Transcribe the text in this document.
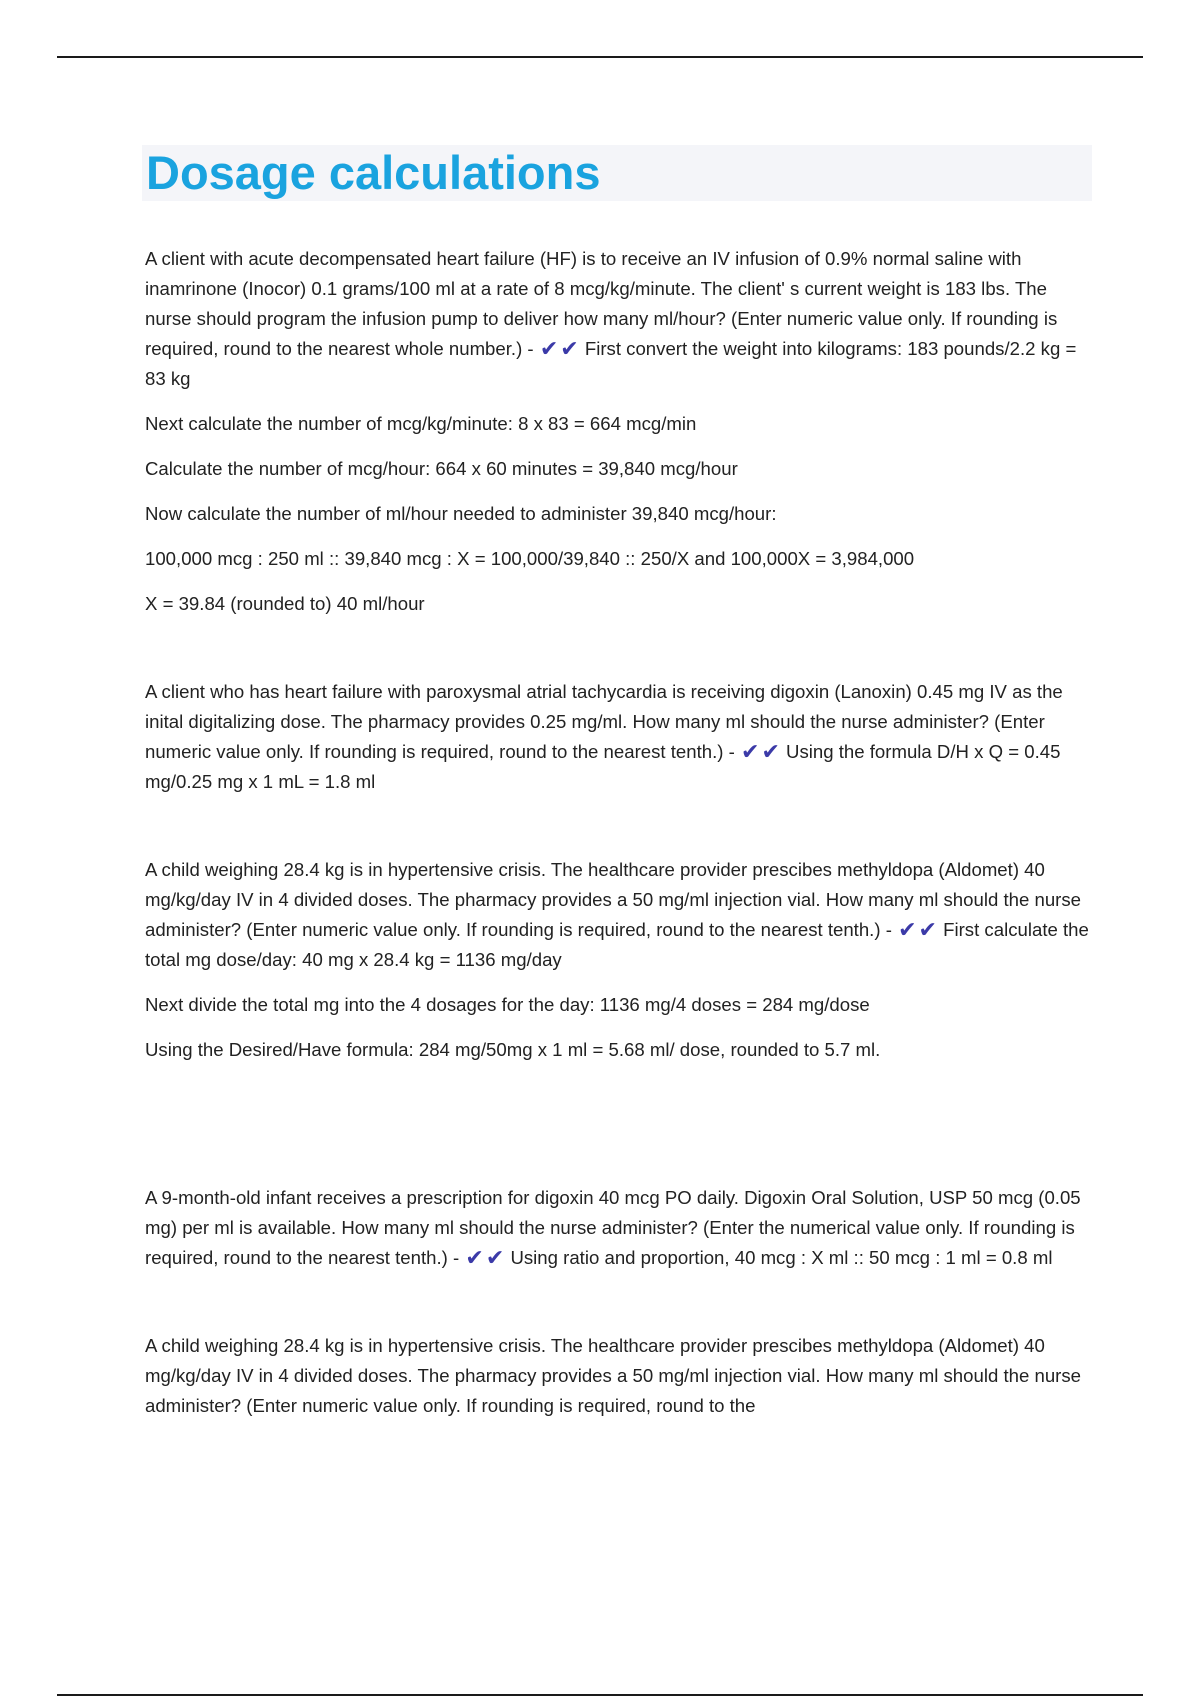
Dosage calculations

A client with acute decompensated heart failure (HF) is to receive an IV infusion of 0.9% normal saline with inamrinone (Inocor) 0.1 grams/100 ml at a rate of 8 mcg/kg/minute. The client' s current weight is 183 lbs. The nurse should program the infusion pump to deliver how many ml/hour? (Enter numeric value only. If rounding is required, round to the nearest whole number.) - ✔✔ First convert the weight into kilograms: 183 pounds/2.2 kg = 83 kg

Next calculate the number of mcg/kg/minute: 8 x 83 = 664 mcg/min

Calculate the number of mcg/hour: 664 x 60 minutes = 39,840 mcg/hour

Now calculate the number of ml/hour needed to administer 39,840 mcg/hour:

100,000 mcg : 250 ml :: 39,840 mcg : X = 100,000/39,840 :: 250/X and 100,000X = 3,984,000

X = 39.84 (rounded to) 40 ml/hour

A client who has heart failure with paroxysmal atrial tachycardia is receiving digoxin (Lanoxin) 0.45 mg IV as the inital digitalizing dose. The pharmacy provides 0.25 mg/ml. How many ml should the nurse administer? (Enter numeric value only. If rounding is required, round to the nearest tenth.) - ✔✔ Using the formula D/H x Q = 0.45 mg/0.25 mg x 1 mL = 1.8 ml

A child weighing 28.4 kg is in hypertensive crisis. The healthcare provider prescibes methyldopa (Aldomet) 40 mg/kg/day IV in 4 divided doses. The pharmacy provides a 50 mg/ml injection vial. How many ml should the nurse administer? (Enter numeric value only. If rounding is required, round to the nearest tenth.) - ✔✔ First calculate the total mg dose/day: 40 mg x 28.4 kg = 1136 mg/day

Next divide the total mg into the 4 dosages for the day: 1136 mg/4 doses = 284 mg/dose

Using the Desired/Have formula: 284 mg/50mg x 1 ml = 5.68 ml/ dose, rounded to 5.7 ml.

A 9-month-old infant receives a prescription for digoxin 40 mcg PO daily. Digoxin Oral Solution, USP 50 mcg (0.05 mg) per ml is available. How many ml should the nurse administer? (Enter the numerical value only. If rounding is required, round to the nearest tenth.) - ✔✔ Using ratio and proportion, 40 mcg : X ml :: 50 mcg : 1 ml = 0.8 ml

A child weighing 28.4 kg is in hypertensive crisis. The healthcare provider prescibes methyldopa (Aldomet) 40 mg/kg/day IV in 4 divided doses. The pharmacy provides a 50 mg/ml injection vial. How many ml should the nurse administer? (Enter numeric value only. If rounding is required, round to the
